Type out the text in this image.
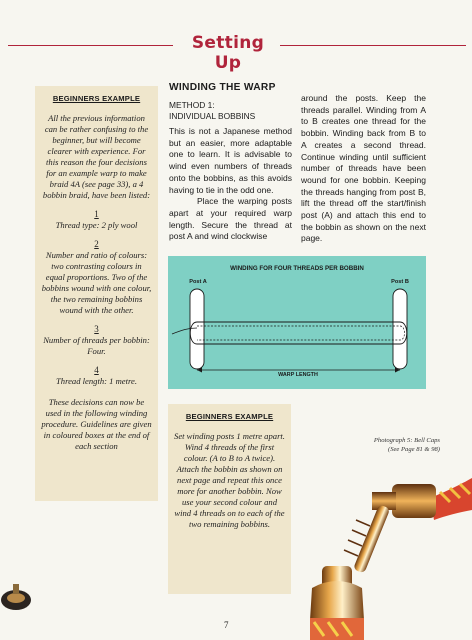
Setting Up
BEGINNERS EXAMPLE

All the previous information can be rather confusing to the beginner, but will become clearer with experience. For this reason the four decisions for an example warp to make braid 4A (see page 33), a 4 bobbin braid, have been listed:

1
Thread type: 2 ply wool

2
Number and ratio of colours: two contrasting colours in equal proportions. Two of the bobbins wound with one colour, the two remaining bobbins wound with the other.

3
Number of threads per bobbin: Four.

4
Thread length: 1 metre.

These decisions can now be used in the following winding procedure. Guidelines are given in coloured boxes at the end of each section

WINDING THE WARP
METHOD 1:
INDIVIDUAL BOBBINS

This is not a Japanese method but an easier, more adaptable one to learn. It is advisable to wind even numbers of threads onto the bobbins, as this avoids having to tie in the odd one.

Place the warping posts apart at your required warp length. Secure the thread at post A and wind clockwise

around the posts. Keep the threads parallel. Winding from A to B creates one thread for the bobbin. Winding back from B to A creates a second thread. Continue winding until sufficient number of threads have been wound for one bobbin. Keeping the threads hanging from post B, lift the thread off the start/finish post (A) and attach this end to the bobbin as shown on the next page.

WINDING FOR FOUR THREADS PER BOBBIN
Post A	Post B
WARP LENGTH
BEGINNERS EXAMPLE

Set winding posts 1 metre apart. Wind 4 threads of the first colour. (A to B to A twice). Attach the bobbin as shown on next page and repeat this once more for another bobbin. Now use your second colour and wind 4 threads on to each of the two remaining bobbins.

Photograph 5: Bell Caps
(See Page 81 & 98)
7
